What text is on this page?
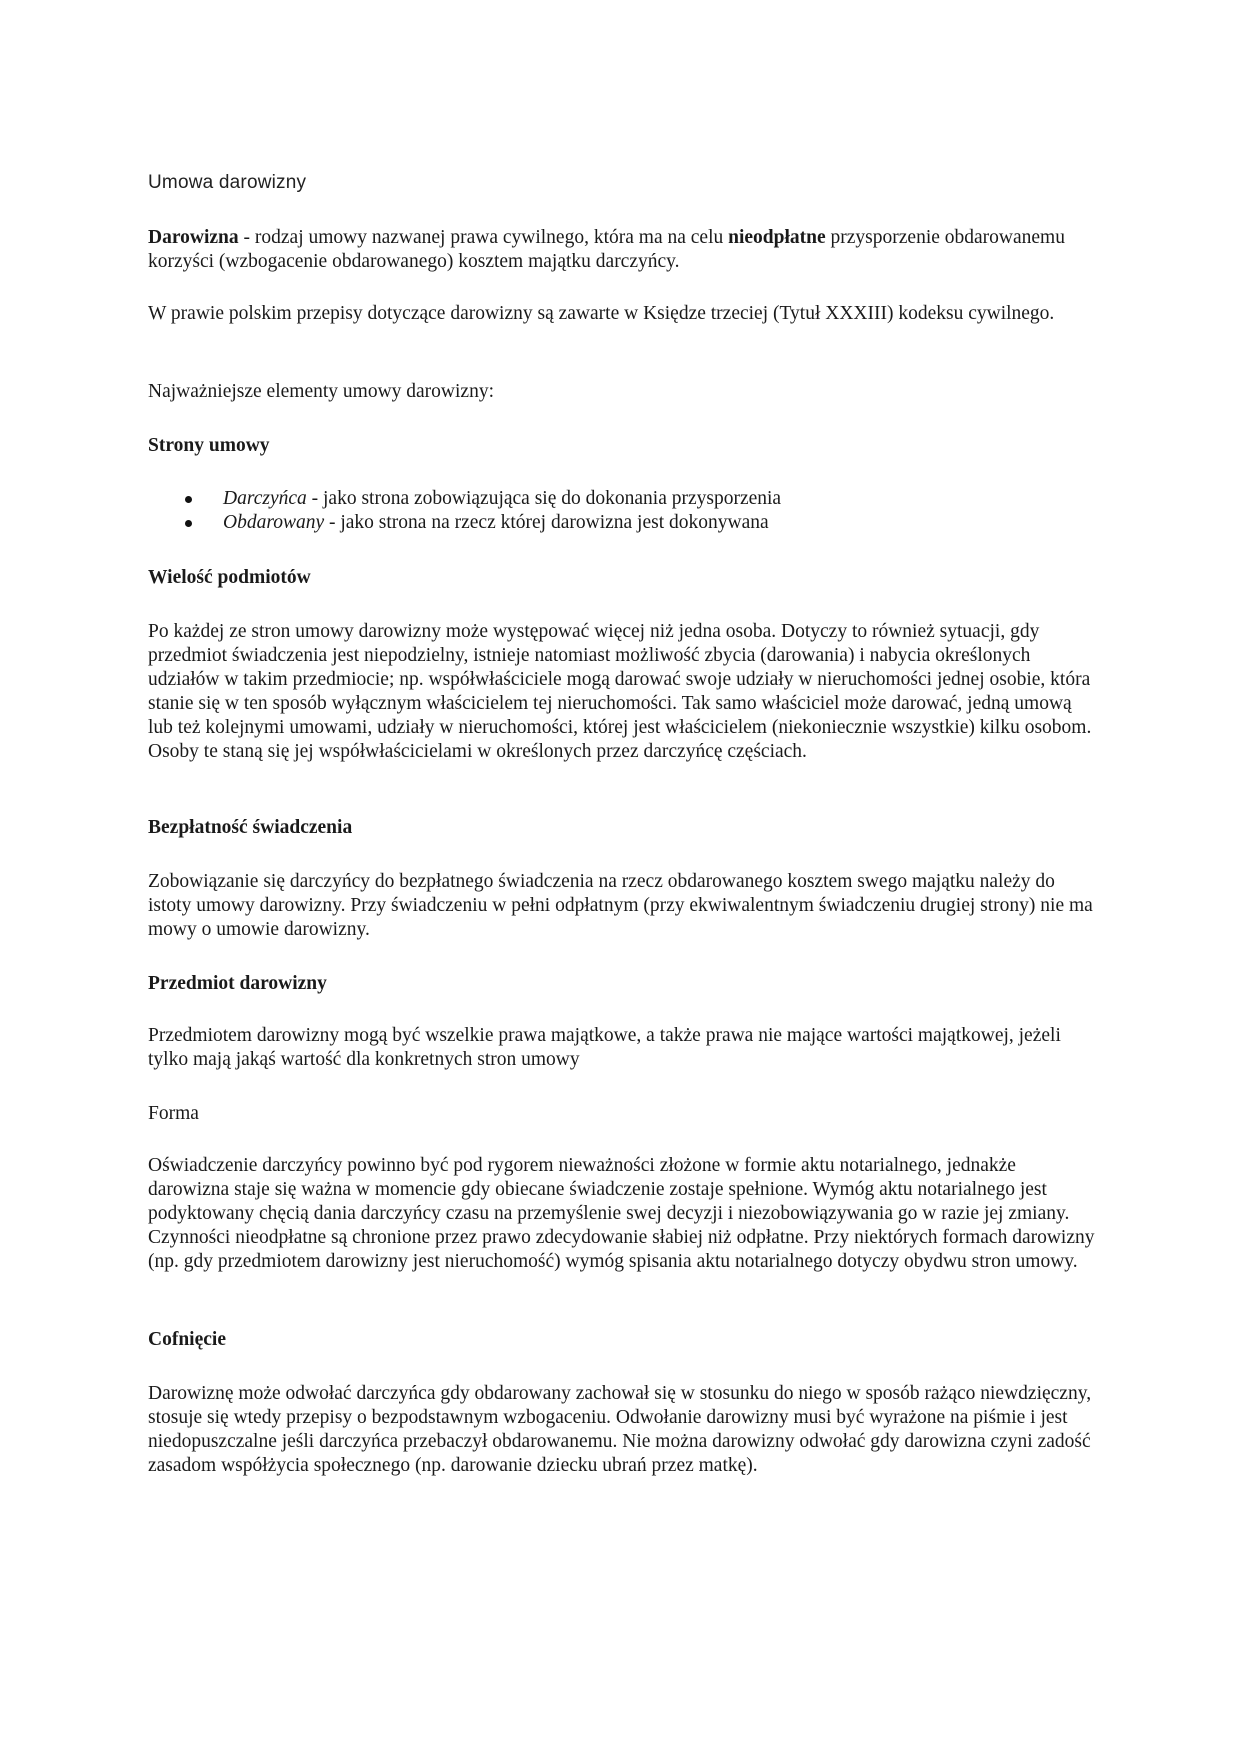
Umowa darowizny

Darowizna - rodzaj umowy nazwanej prawa cywilnego, która ma na celu nieodpłatne przysporzenie obdarowanemu korzyści (wzbogacenie obdarowanego) kosztem majątku darczyńcy.

W prawie polskim przepisy dotyczące darowizny są zawarte w Księdze trzeciej (Tytuł XXXIII) kodeksu cywilnego.

Najważniejsze elementy umowy darowizny:

Strony umowy

Darczyńca - jako strona zobowiązująca się do dokonania przysporzenia
Obdarowany - jako strona na rzecz której darowizna jest dokonywana

Wielość podmiotów

Po każdej ze stron umowy darowizny może występować więcej niż jedna osoba. Dotyczy to również sytuacji, gdy przedmiot świadczenia jest niepodzielny, istnieje natomiast możliwość zbycia (darowania) i nabycia określonych udziałów w takim przedmiocie; np. współwłaściciele mogą darować swoje udziały w nieruchomości jednej osobie, która stanie się w ten sposób wyłącznym właścicielem tej nieruchomości. Tak samo właściciel może darować, jedną umową lub też kolejnymi umowami, udziały w nieruchomości, której jest właścicielem (niekoniecznie wszystkie) kilku osobom. Osoby te staną się jej współwłaścicielami w określonych przez darczyńcę częściach.

Bezpłatność świadczenia

Zobowiązanie się darczyńcy do bezpłatnego świadczenia na rzecz obdarowanego kosztem swego majątku należy do istoty umowy darowizny. Przy świadczeniu w pełni odpłatnym (przy ekwiwalentnym świadczeniu drugiej strony) nie ma mowy o umowie darowizny.

Przedmiot darowizny

Przedmiotem darowizny mogą być wszelkie prawa majątkowe, a także prawa nie mające wartości majątkowej, jeżeli tylko mają jakąś wartość dla konkretnych stron umowy

Forma

Oświadczenie darczyńcy powinno być pod rygorem nieważności złożone w formie aktu notarialnego, jednakże darowizna staje się ważna w momencie gdy obiecane świadczenie zostaje spełnione. Wymóg aktu notarialnego jest podyktowany chęcią dania darczyńcy czasu na przemyślenie swej decyzji i niezobowiązywania go w razie jej zmiany. Czynności nieodpłatne są chronione przez prawo zdecydowanie słabiej niż odpłatne. Przy niektórych formach darowizny (np. gdy przedmiotem darowizny jest nieruchomość) wymóg spisania aktu notarialnego dotyczy obydwu stron umowy.

Cofnięcie

Darowiznę może odwołać darczyńca gdy obdarowany zachował się w stosunku do niego w sposób rażąco niewdzięczny, stosuje się wtedy przepisy o bezpodstawnym wzbogaceniu. Odwołanie darowizny musi być wyrażone na piśmie i jest niedopuszczalne jeśli darczyńca przebaczył obdarowanemu. Nie można darowizny odwołać gdy darowizna czyni zadość zasadom współżycia społecznego (np. darowanie dziecku ubrań przez matkę).
